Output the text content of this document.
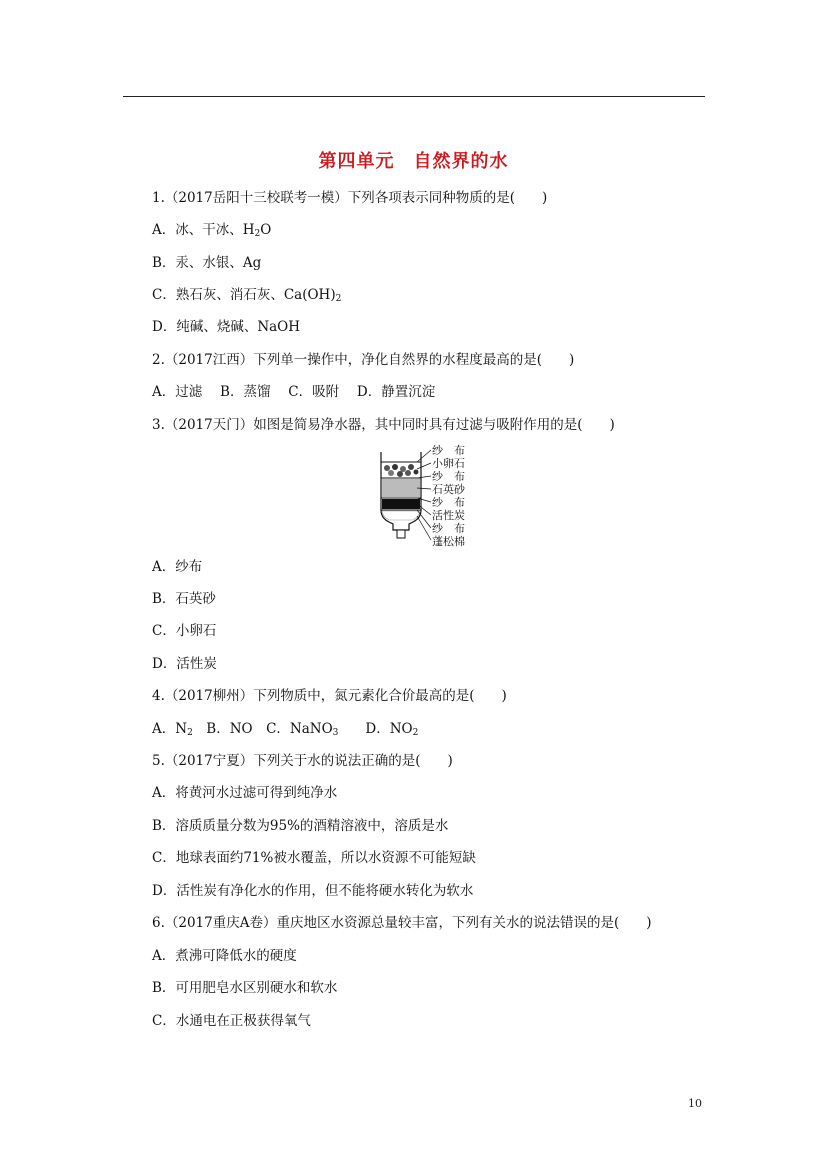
第四单元　自然界的水
1.（2017岳阳十三校联考一模）下列各项表示同种物质的是(　　)
A．冰、干冰、$H_2O$
B．汞、水银、Ag
C．熟石灰、消石灰、$Ca(OH)_2$
D．纯碱、烧碱、NaOH
2.（2017江西）下列单一操作中，净化自然界的水程度最高的是(　　)
A．过滤　 B．蒸馏　 C．吸附　 D．静置沉淀
3.（2017天门）如图是简易净水器，其中同时具有过滤与吸附作用的是(　　)
纱　布
小卵石
纱　布
石英砂
纱　布
活性炭
纱　布
蓬松棉
A．纱布
B．石英砂
C．小卵石
D．活性炭
4.（2017柳州）下列物质中，氮元素化合价最高的是(　　)
A．$N_2$　B．NO　C．NaNO$_3$　　D．$NO_2$
5.（2017宁夏）下列关于水的说法正确的是(　　)
A．将黄河水过滤可得到纯净水
B．溶质质量分数为95%的酒精溶液中，溶质是水
C．地球表面约71%被水覆盖，所以水资源不可能短缺
D．活性炭有净化水的作用，但不能将硬水转化为软水
6.（2017重庆A卷）重庆地区水资源总量较丰富，下列有关水的说法错误的是(　　)
A．煮沸可降低水的硬度
B．可用肥皂水区别硬水和软水
C．水通电在正极获得氧气
10
